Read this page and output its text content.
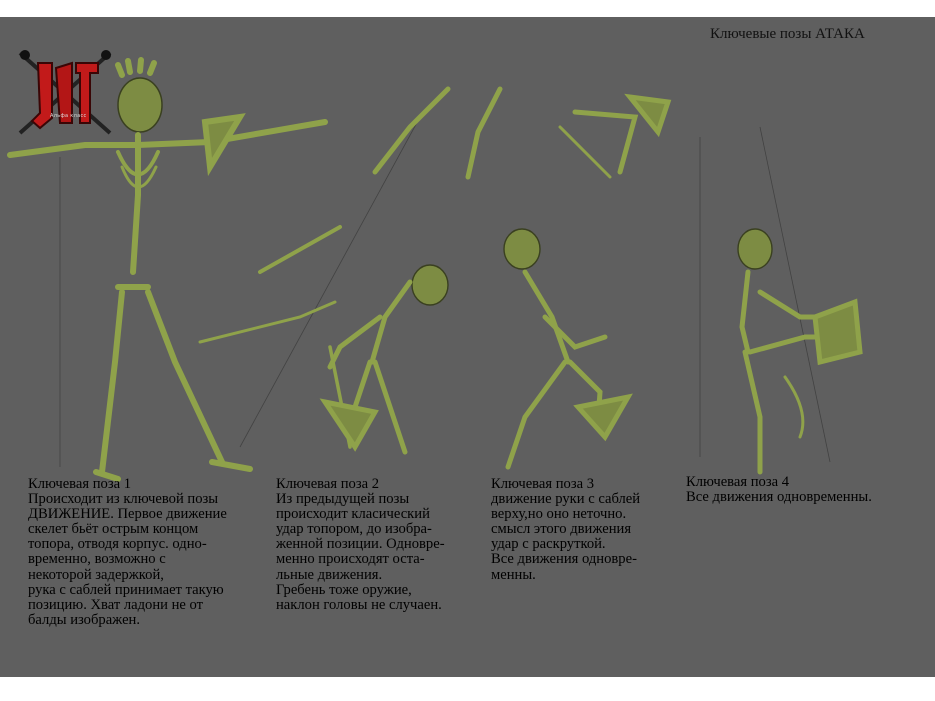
Альфа класс
Ключевые позы АТАКА
Ключевая поза 1
Происходит из ключевой позы
ДВИЖЕНИЕ. Первое движение
скелет бьёт острым концом
топора, отводя корпус. одно-
временно, возможно с
некоторой задержкой,
рука с саблей принимает такую
позицию. Хват ладони не от
балды изображен.
Ключевая поза 2
Из предыдущей позы
происходит класический
удар топором, до изобра-
женной позиции. Одновре-
менно происходят оста-
льные движения.
Гребень тоже оружие,
наклон головы не случаен.
Ключевая поза 3
движение руки с саблей
верху,но оно неточно.
смысл этого движения
удар с раскруткой.
Все движения одновре-
менны.
Ключевая поза 4
Все движения одновременны.
